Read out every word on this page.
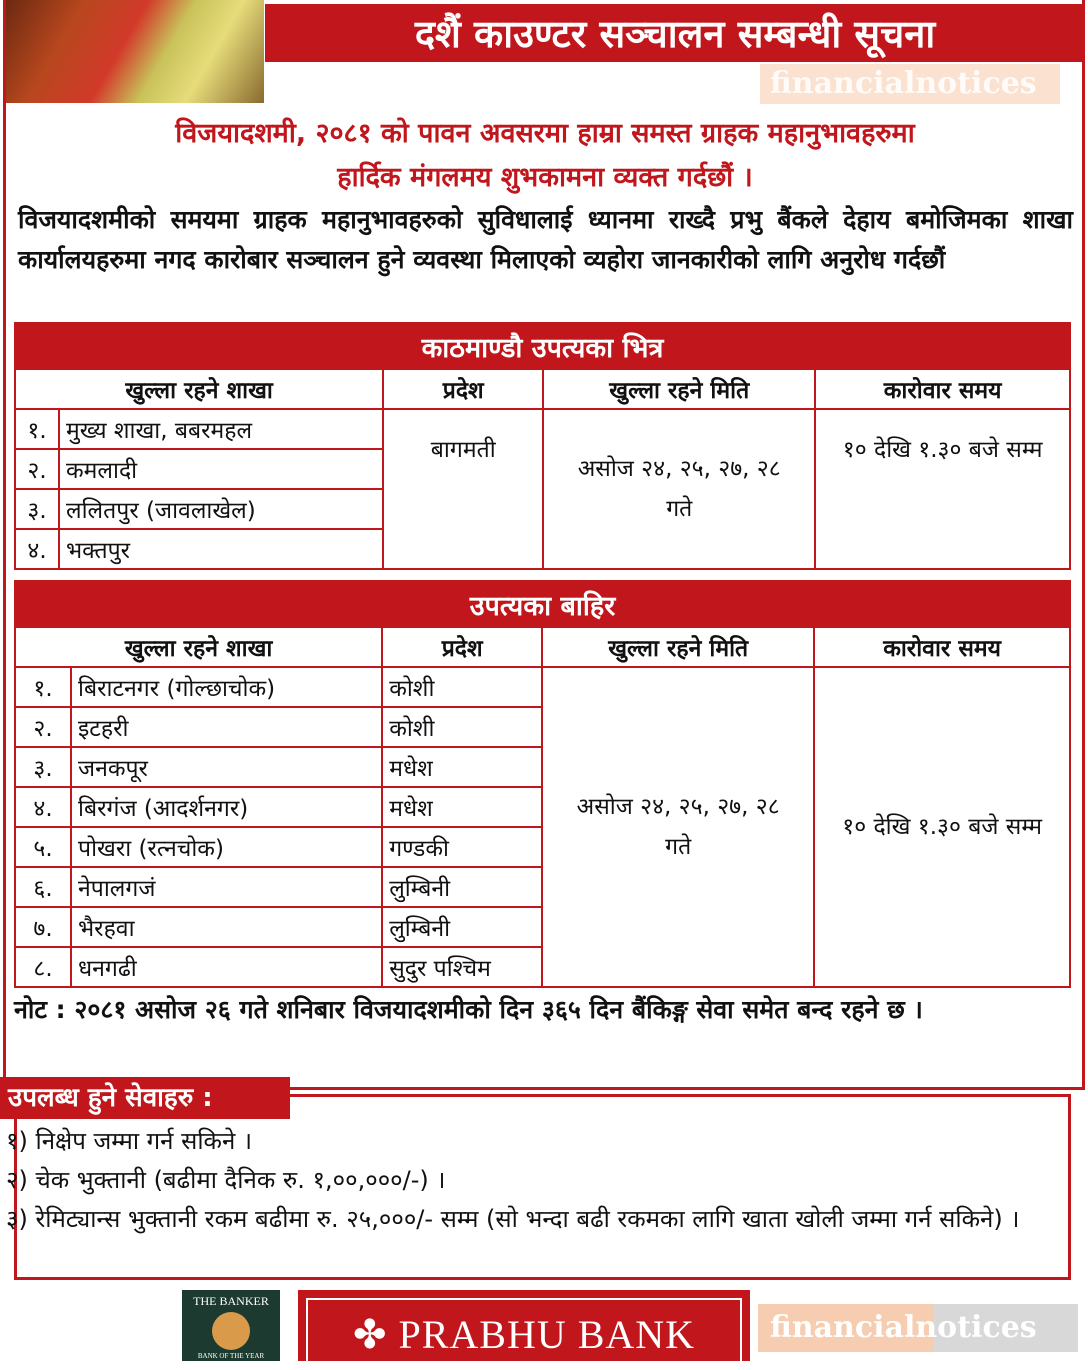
दशैं काउण्टर सञ्चालन सम्बन्धी सूचना
financialnotices
विजयादशमी, २०८१ को पावन अवसरमा हाम्रा समस्त ग्राहक महानुभावहरुमा
हार्दिक मंगलमय शुभकामना व्यक्त गर्दछौं ।
विजयादशमीको समयमा ग्राहक महानुभावहरुको सुविधालाई ध्यानमा राख्दै प्रभु बैंकले देहाय बमोजिमका शाखा कार्यालयहरुमा नगद कारोबार सञ्चालन हुने व्यवस्था मिलाएको व्यहोरा जानकारीको लागि अनुरोध गर्दछौं
काठमाण्डौ उपत्यका भित्र				
खुल्ला रहने शाखा		प्रदेश	खुल्ला रहने मिति	कारोवार समय
१.	मुख्य शाखा, बबरमहल	बागमती	असोज २४, २५, २७, २८ गते	१० देखि १.३० बजे सम्म
२.	कमलादी			
३.	ललितपुर (जावलाखेल)			
४.	भक्तपुर			
उपत्यका बाहिर				
खुल्ला रहने शाखा		प्रदेश	खुल्ला रहने मिति	कारोवार समय
१.	बिराटनगर (गोल्छाचोक)	कोशी	असोज २४, २५, २७, २८ गते	१० देखि १.३० बजे सम्म
२.	इटहरी	कोशी		
३.	जनकपूर	मधेश		
४.	बिरगंज (आदर्शनगर)	मधेश		
५.	पोखरा (रत्नचोक)	गण्डकी		
६.	नेपालगजं	लुम्बिनी		
७.	भैरहवा	लुम्बिनी		
८.	धनगढी	सुदुर पश्चिम		
नोट : २०८१ असोज २६ गते शनिबार विजयादशमीको दिन ३६५ दिन बैंकिङ्ग सेवा समेत बन्द रहने छ ।
उपलब्ध हुने सेवाहरु :
१) निक्षेप जम्मा गर्न सकिने ।
२) चेक भुक्तानी (बढीमा दैनिक रु. १,००,०००/-) ।
३) रेमिट्यान्स भुक्तानी रकम बढीमा रु. २५,०००/- सम्म (सो भन्दा बढी रकमका लागि खाता खोली जम्मा गर्न सकिने) ।
THE BANKER
BANK OF THE YEAR	✤ PRABHU BANK	financialnotices
